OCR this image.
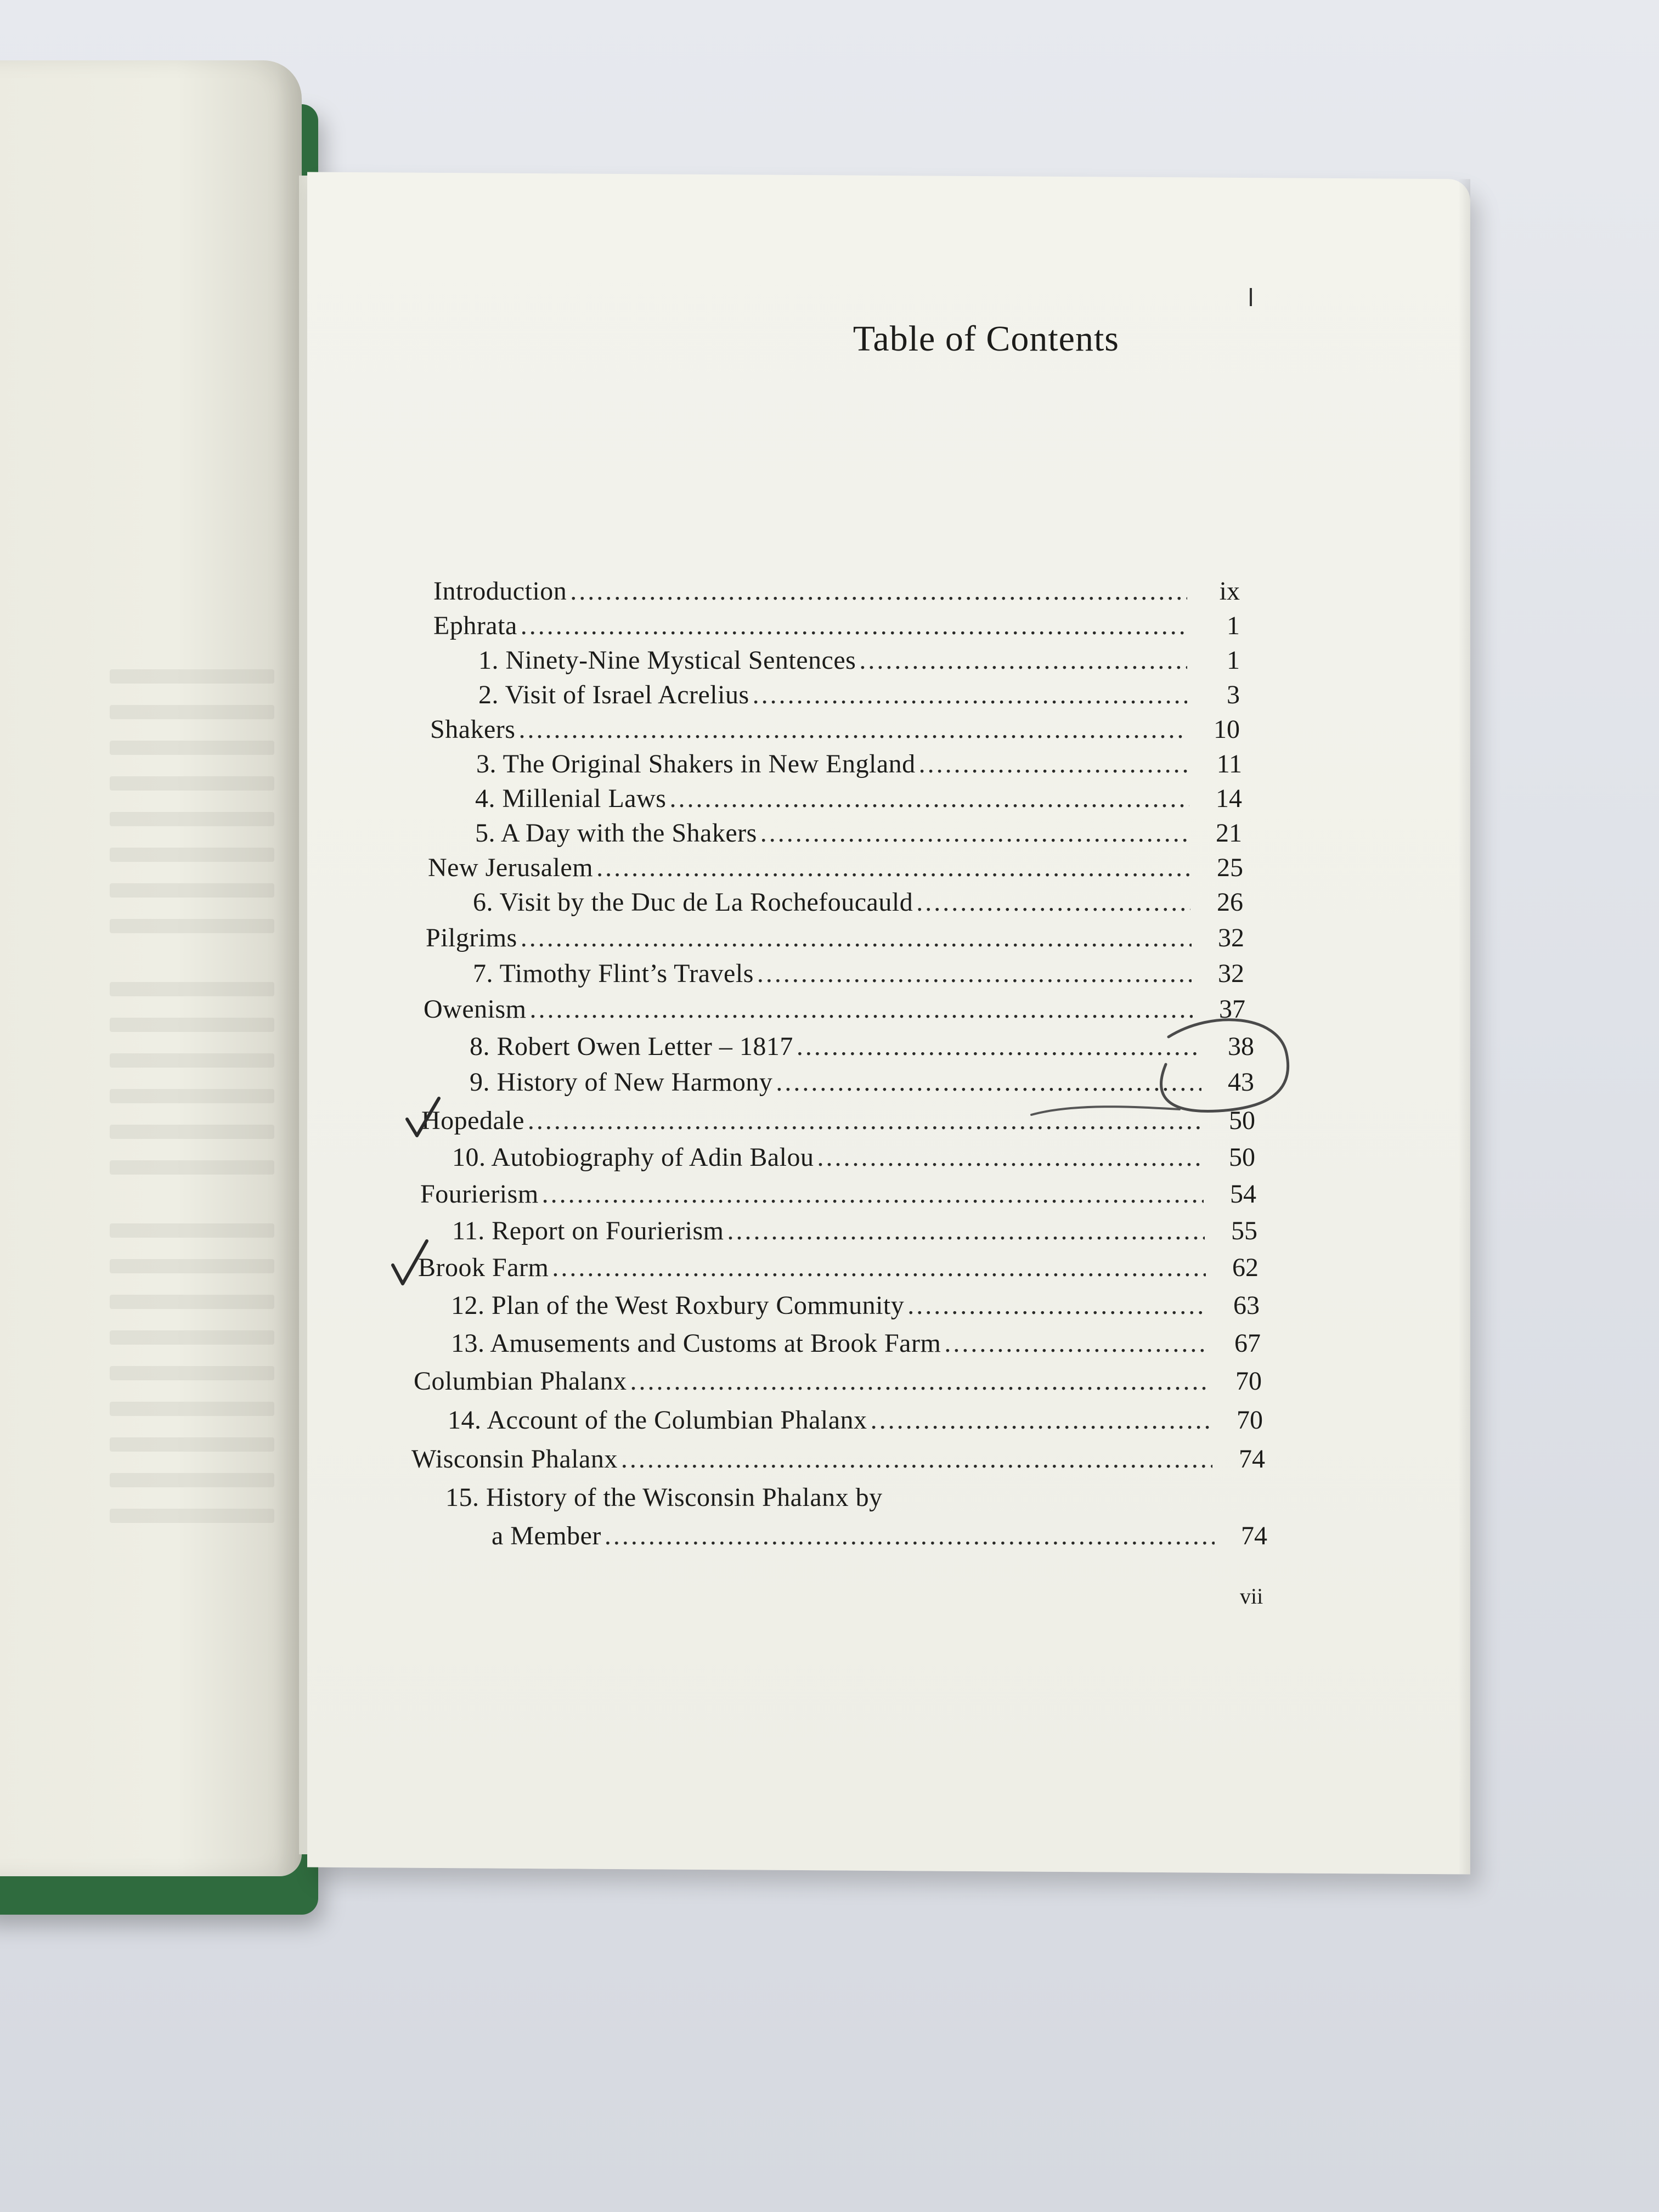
Table of Contents
Introduction .....	ix
Ephrata .....	1
1. Ninety-Nine Mystical Sentences .....	1
2. Visit of Israel Acrelius .....	3
Shakers .....	10
3. The Original Shakers in New England .....	11
4. Millenial Laws .....	14
5. A Day with the Shakers .....	21
New Jerusalem .....	25
6. Visit by the Duc de La Rochefoucauld .....	26
Pilgrims .....	32
7. Timothy Flint’s Travels .....	32
Owenism .....	37
8. Robert Owen Letter – 1817 .....	38
9. History of New Harmony .....	43
Hopedale .....	50
10. Autobiography of Adin Balou .....	50
Fourierism .....	54
11. Report on Fourierism .....	55
Brook Farm .....	62
12. Plan of the West Roxbury Community .....	63
13. Amusements and Customs at Brook Farm .....	67
Columbian Phalanx .....	70
14. Account of the Columbian Phalanx .....	70
Wisconsin Phalanx .....	74
15. History of the Wisconsin Phalanx by
a Member .....	74
vii
